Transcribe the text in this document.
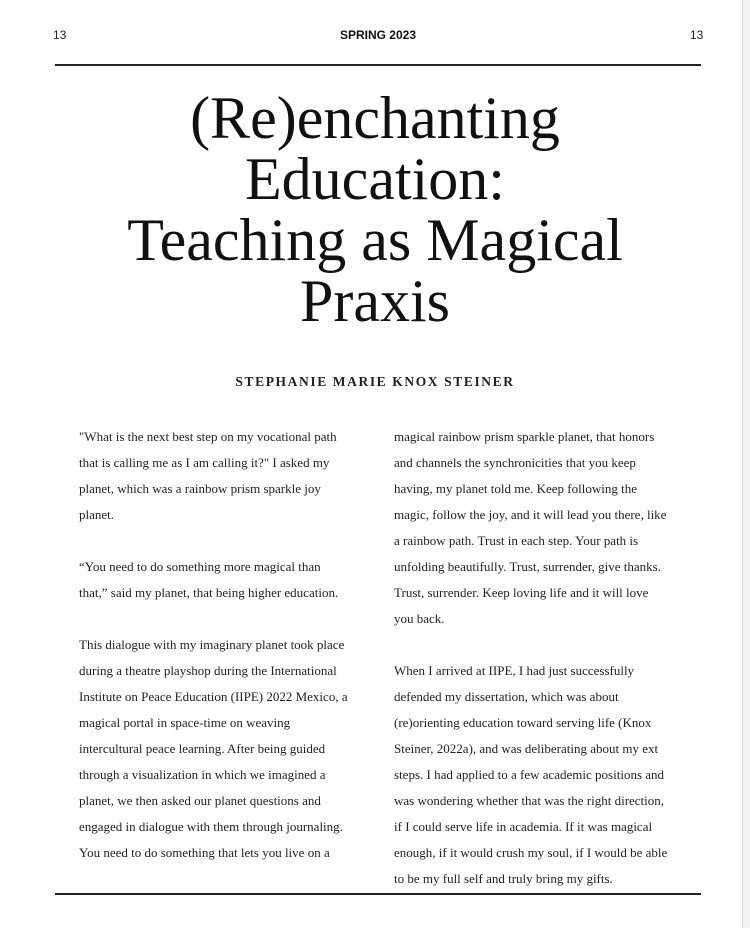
13	SPRING 2023	13
(Re)enchanting
Education:
Teaching as Magical
Praxis
STEPHANIE MARIE KNOX STEINER
"What is the next best step on my vocational path
that is calling me as I am calling it?" I asked my
planet, which was a rainbow prism sparkle joy
planet.
“You need to do something more magical than
that,” said my planet, that being higher education.
This dialogue with my imaginary planet took place
during a theatre playshop during the International
Institute on Peace Education (IIPE) 2022 Mexico, a
magical portal in space-time on weaving
intercultural peace learning. After being guided
through a visualization in which we imagined a
planet, we then asked our planet questions and
engaged in dialogue with them through journaling.
You need to do something that lets you live on a
magical rainbow prism sparkle planet, that honors
and channels the synchronicities that you keep
having, my planet told me. Keep following the
magic, follow the joy, and it will lead you there, like
a rainbow path. Trust in each step. Your path is
unfolding beautifully. Trust, surrender, give thanks.
Trust, surrender. Keep loving life and it will love
you back.
When I arrived at IIPE, I had just successfully
defended my dissertation, which was about
(re)orienting education toward serving life (Knox
Steiner, 2022a), and was deliberating about my ext
steps. I had applied to a few academic positions and
was wondering whether that was the right direction,
if I could serve life in academia. If it was magical
enough, if it would crush my soul, if I would be able
to be my full self and truly bring my gifts.
